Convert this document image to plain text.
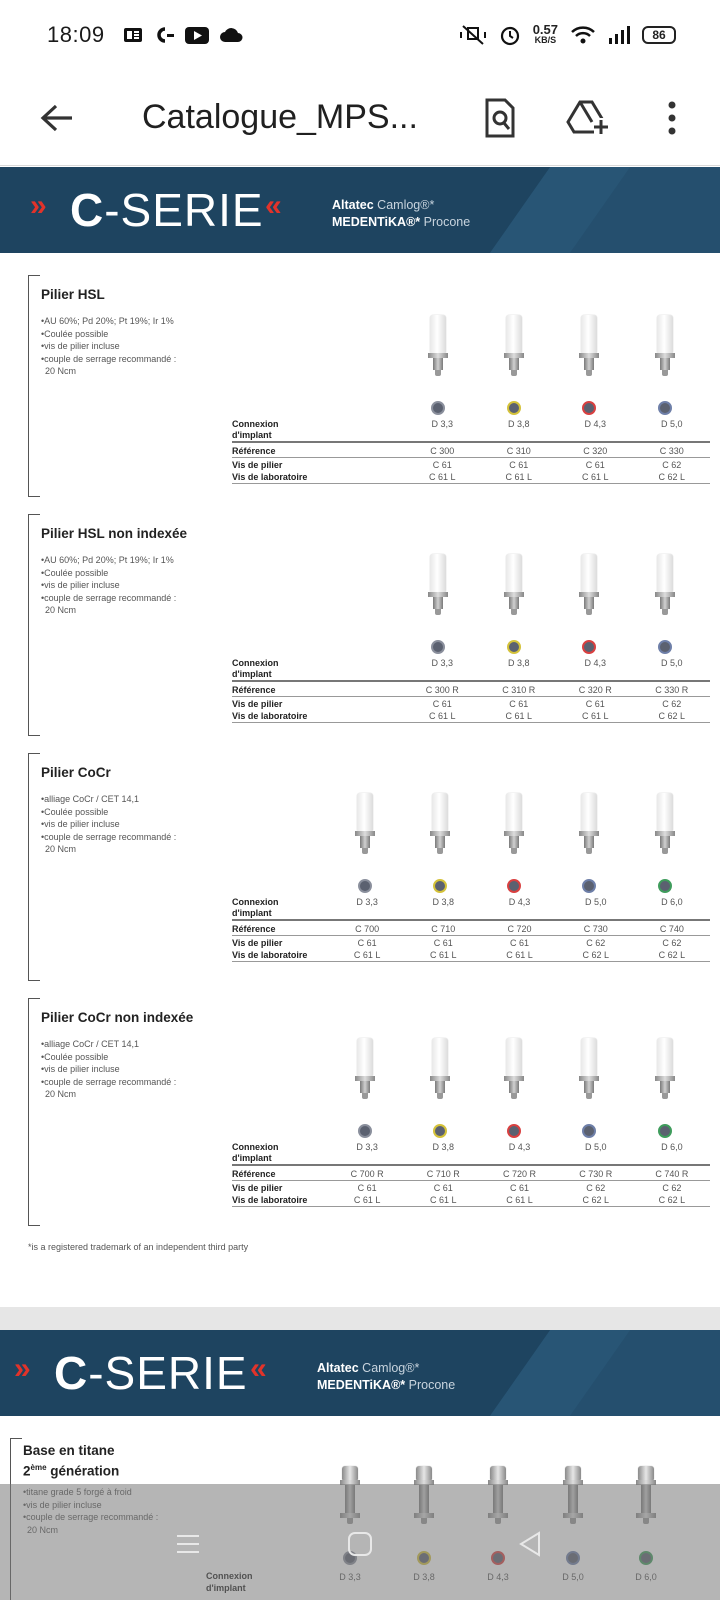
18:09	0.57
KB/S	86
Catalogue_MPS...
» C-SERIE «	Altatec Camlog®*
MEDENTiKA®* Procone
Pilier HSL
• AU 60%; Pd 20%; Pt 19%; Ir 1%
• Coulée possible
• vis de pilier incluse
• couple de serrage recommandé :
20 Ncm
Connexion
d'implant
D 3,3	D 3,8	D 4,3	D 5,0
Référence	C 300	C 310	C 320	C 330
Vis de pilier	C 61	C 61	C 61	C 62
Vis de laboratoire	C 61 L	C 61 L	C 61 L	C 62 L
Pilier HSL non indexée
• AU 60%; Pd 20%; Pt 19%; Ir 1%
• Coulée possible
• vis de pilier incluse
• couple de serrage recommandé :
20 Ncm
Connexion
d'implant
D 3,3	D 3,8	D 4,3	D 5,0
Référence	C 300 R	C 310 R	C 320 R	C 330 R
Vis de pilier	C 61	C 61	C 61	C 62
Vis de laboratoire	C 61 L	C 61 L	C 61 L	C 62 L
Pilier CoCr
• alliage CoCr / CET 14,1
• Coulée possible
• vis de pilier incluse
• couple de serrage recommandé :
20 Ncm
Connexion
d'implant
D 3,3	D 3,8	D 4,3	D 5,0	D 6,0
Référence	C 700	C 710	C 720	C 730	C 740
Vis de pilier	C 61	C 61	C 61	C 62	C 62
Vis de laboratoire	C 61 L	C 61 L	C 61 L	C 62 L	C 62 L
Pilier CoCr non indexée
• alliage CoCr / CET 14,1
• Coulée possible
• vis de pilier incluse
• couple de serrage recommandé :
20 Ncm
Connexion
d'implant
D 3,3	D 3,8	D 4,3	D 5,0	D 6,0
Référence	C 700 R	C 710 R	C 720 R	C 730 R	C 740 R
Vis de pilier	C 61	C 61	C 61	C 62	C 62
Vis de laboratoire	C 61 L	C 61 L	C 61 L	C 62 L	C 62 L
*is a registered trademark of an independent third party
» C-SERIE «	Altatec Camlog®*
MEDENTiKA®* Procone
Base en titane
2ème génération
•
•
•
